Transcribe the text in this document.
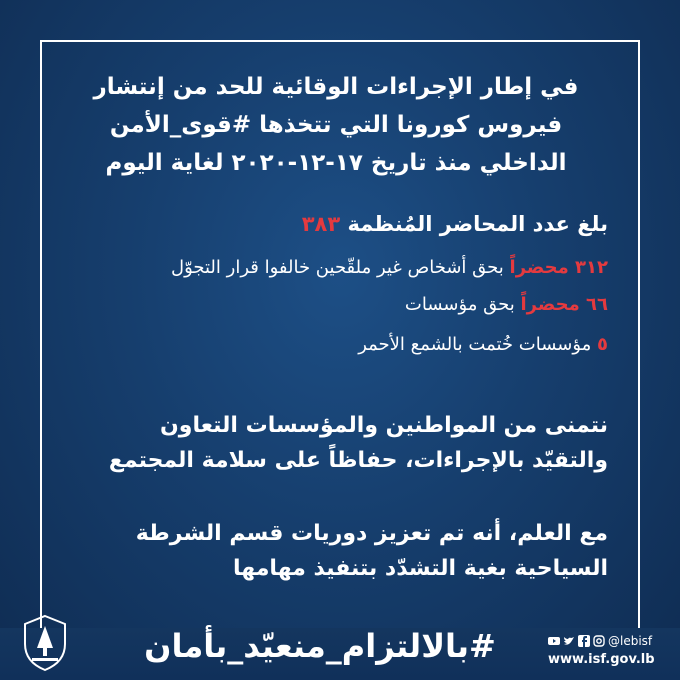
في إطار الإجراءات الوقائية للحد من إنتشار
فيروس كورونا التي تتخذها #قوى_الأمن
الداخلي منذ تاريخ ١٧-١٢-٢٠٢٠ لغاية اليوم
بلغ عدد المحاضر المُنظمة ٣٨٣
٣١٢ محضراً بحق أشخاص غير ملقّحين خالفوا قرار التجوّل
٦٦ محضراً بحق مؤسسات
٥ مؤسسات خُتمت بالشمع الأحمر
نتمنى من المواطنين والمؤسسات التعاون
والتقيّد بالإجراءات، حفاظاً على سلامة المجتمع
مع العلم، أنه تم تعزيز دوريات قسم الشرطة
السياحية بغية التشدّد بتنفيذ مهامها
#بالالتزام_منعيّد_بأمان	@lebisf
www.isf.gov.lb
